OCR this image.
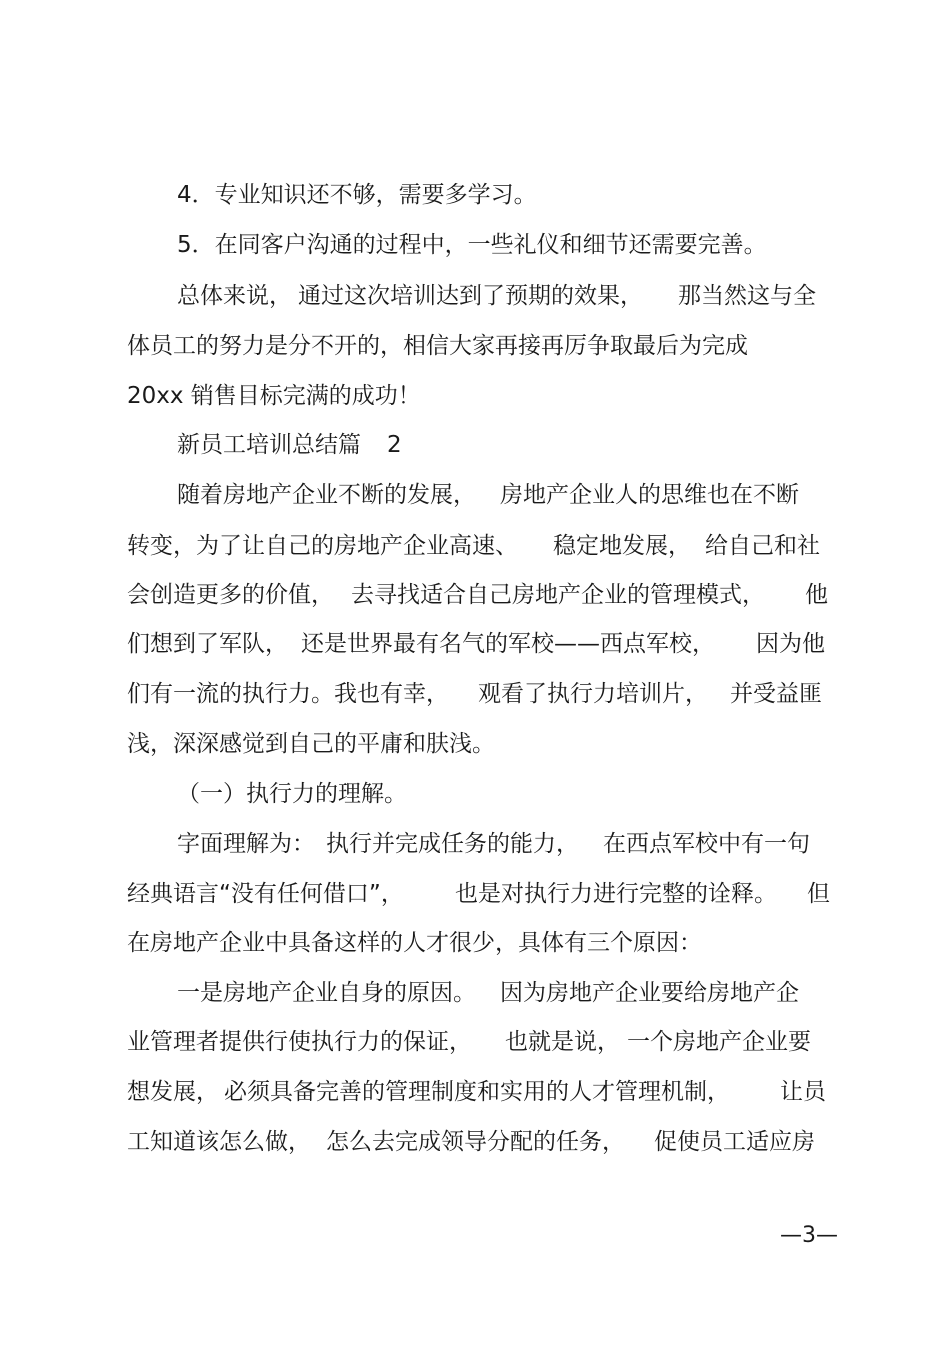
4．专业知识还不够，需要多学习。

5．在同客户沟通的过程中，一些礼仪和细节还需要完善。

总体来说，

通过这次培训达到了预期的效果，

那当然这与全

体员工的努力是分不开的，相信大家再接再厉争取最后为完成

20xx 销售目标完满的成功！

新员工培训总结篇

2

随着房地产企业不断的发展，

房地产企业人的思维也在不断

转变，为了让自己的房地产企业高速、

稳定地发展，

给自己和社

会创造更多的价值，

去寻找适合自己房地产企业的管理模式，

他

们想到了军队，

还是世界最有名气的军校——西点军校，

因为他

们有一流的执行力。我也有幸，

观看了执行力培训片，

并受益匪

浅，深深感觉到自己的平庸和肤浅。

（一）执行力的理解。

字面理解为：

执行并完成任务的能力，

在西点军校中有一句

经典语言“没有任何借口”，

也是对执行力进行完整的诠释。

但

在房地产企业中具备这样的人才很少，具体有三个原因：

一是房地产企业自身的原因。

因为房地产企业要给房地产企

业管理者提供行使执行力的保证，

也就是说，

一个房地产企业要

想发展，

必须具备完善的管理制度和实用的人才管理机制，

让员

工知道该怎么做，

怎么去完成领导分配的任务，

促使员工适应房

—3—
